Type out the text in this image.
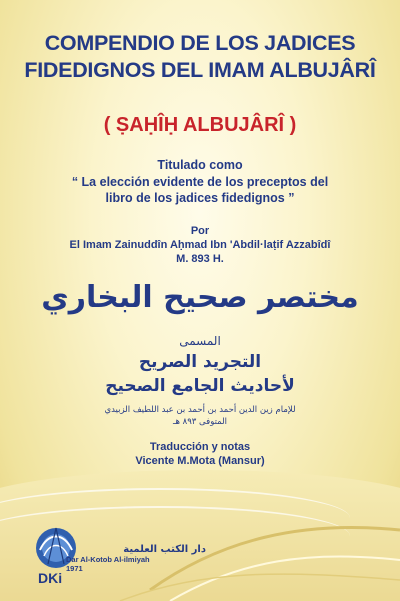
COMPENDIO DE LOS JADICES
FIDEDIGNOS DEL IMAM ALBUJÂRÎ
( ṢAḤÎḤ ALBUJÂRÎ )
Titulado como
“ La elección evidente de los preceptos del
libro de los jadices fidedignos ”
Por
El Imam Zainuddîn Aḥmad Ibn 'Abdil·laṭif Azzabîdî
M. 893 H.
مختصر صحيح البخاري
المسمى
التجريد الصريح
لأحاديث الجامع الصحيح
للإمام زين الدين أحمد بن أحمد بن عبد اللطيف الزبيدي
المتوفى ٨٩٣ هـ
Traducción y notas
Vicente M.Mota (Mansur)
دار الكتب العلمية
Dar Al-Kotob Al-ilmiyah
1971
DKi
